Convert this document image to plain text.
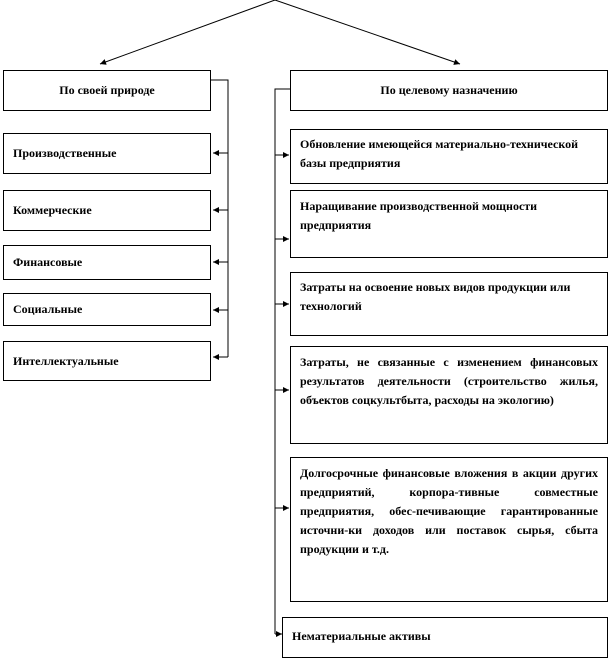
По своей природе	По целевому назначению
Производственные
Коммерческие
Финансовые
Социальные
Интеллектуальные
Обновление имеющейся материально-технической базы предприятия
Наращивание производственной мощности предприятия
Затраты на освоение новых видов продукции или технологий
Затраты, не связанные с изменением финансовых результатов деятельности (строительство жилья, объектов соцкультбыта, расходы на экологию)
Долгосрочные финансовые вложения в акции других предприятий, корпора-тивные совместные предприятия, обес-печивающие гарантированные источни-ки доходов или поставок сырья, сбыта продукции и т.д.
Нематериальные активы
